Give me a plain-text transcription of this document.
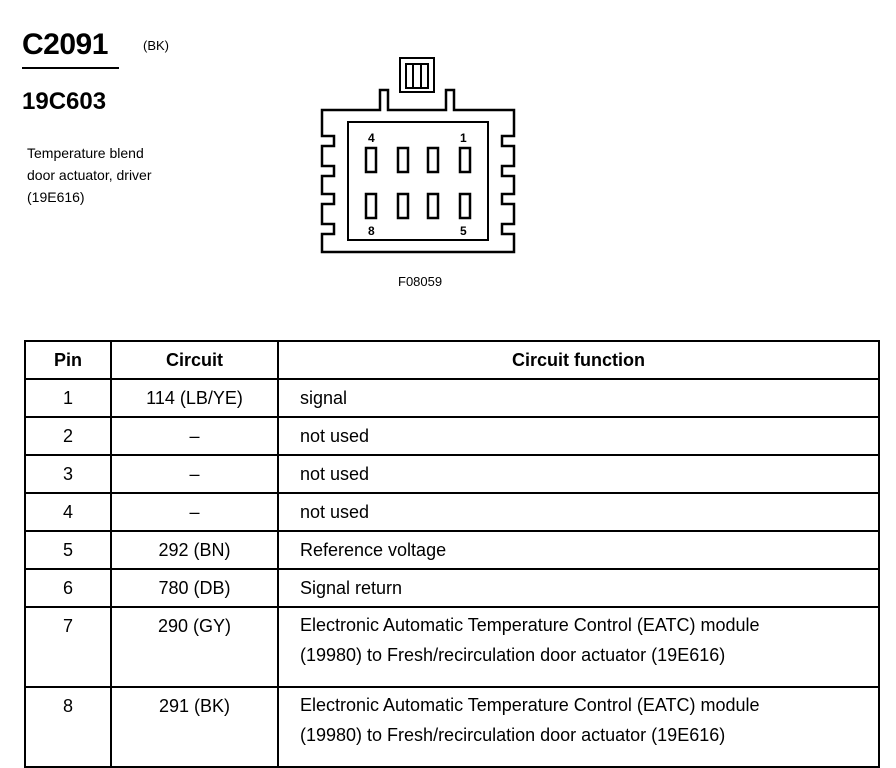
C2091	(BK)
19C603
Temperature blend
door actuator, driver
(19E616)
4	1
8	5
F08059
Pin	Circuit	Circuit function
1	114 (LB/YE)	signal
2	–	not used
3	–	not used
4	–	not used
5	292 (BN)	Reference voltage
6	780 (DB)	Signal return
7	290 (GY)	Electronic Automatic Temperature Control (EATC) module
(19980) to Fresh/recirculation door actuator (19E616)

8	291 (BK)	Electronic Automatic Temperature Control (EATC) module
(19980) to Fresh/recirculation door actuator (19E616)
